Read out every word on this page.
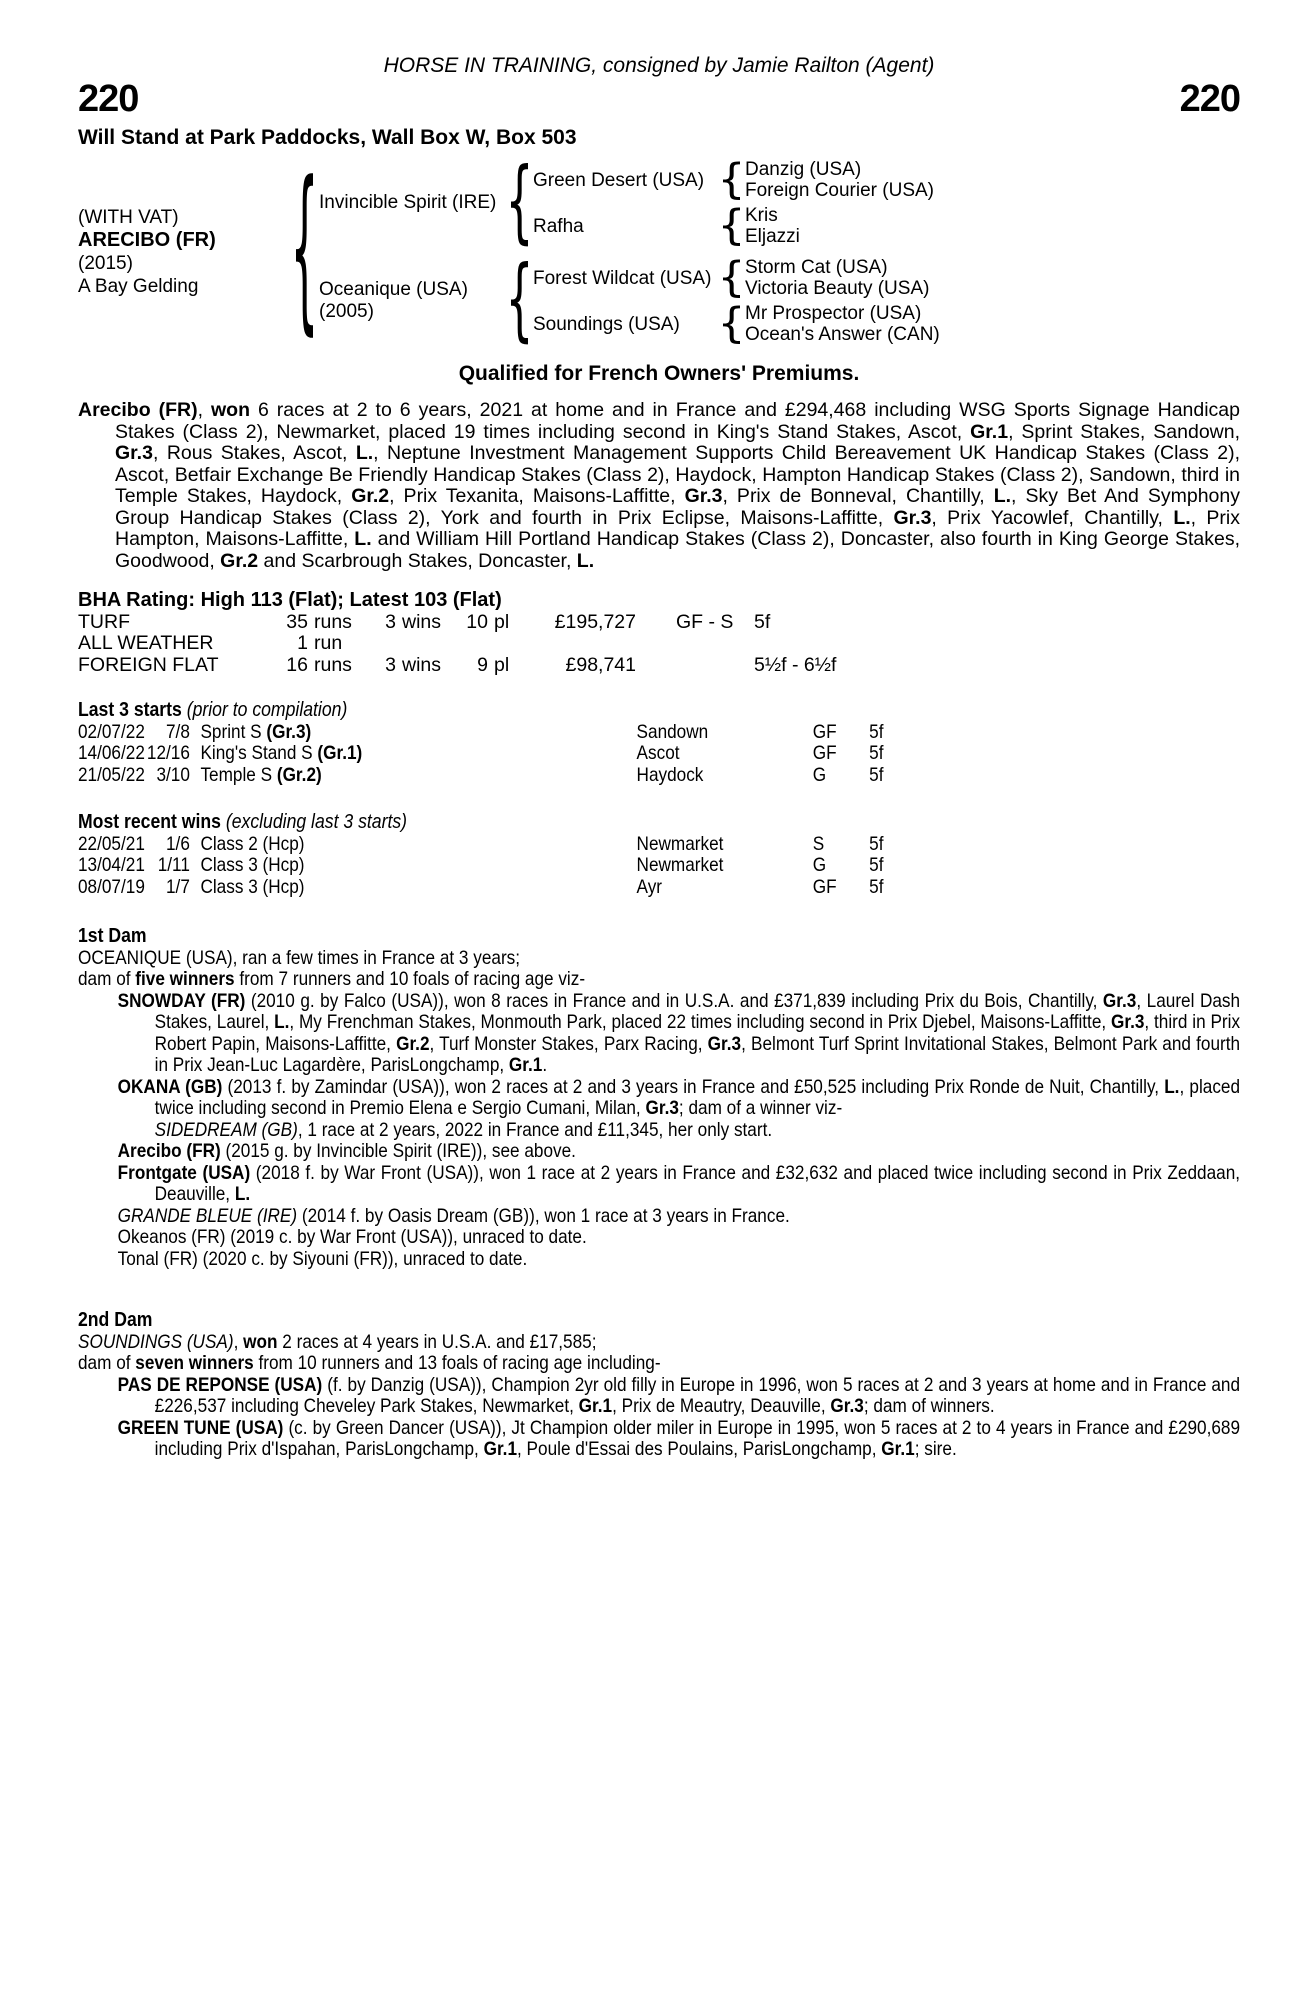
HORSE IN TRAINING, consigned by Jamie Railton (Agent)
220	220
Will Stand at Park Paddocks, Wall Box W, Box 503
(WITH VAT)
ARECIBO (FR)
(2015)
A Bay Gelding	{ Invincible Spirit (IRE) { Green Desert (USA) { Danzig (USA)
Foreign Courier (USA)
Rafha	{ Kris
Eljazzi
Oceanique (USA)
(2005)	{ Forest Wildcat (USA) { Storm Cat (USA)
Victoria Beauty (USA)
Soundings (USA) { Mr Prospector (USA)
Ocean's Answer (CAN)
Qualified for French Owners' Premiums.
Arecibo (FR), won 6 races at 2 to 6 years, 2021 at home and in France and £294,468 including WSG Sports Signage Handicap Stakes (Class 2), Newmarket, placed 19 times including second in King's Stand Stakes, Ascot, Gr.1, Sprint Stakes, Sandown, Gr.3, Rous Stakes, Ascot, L., Neptune Investment Management Supports Child Bereavement UK Handicap Stakes (Class 2), Ascot, Betfair Exchange Be Friendly Handicap Stakes (Class 2), Haydock, Hampton Handicap Stakes (Class 2), Sandown, third in Temple Stakes, Haydock, Gr.2, Prix Texanita, Maisons-Laffitte, Gr.3, Prix de Bonneval, Chantilly, L., Sky Bet And Symphony Group Handicap Stakes (Class 2), York and fourth in Prix Eclipse, Maisons-Laffitte, Gr.3, Prix Yacowlef, Chantilly, L., Prix Hampton, Maisons-Laffitte, L. and William Hill Portland Handicap Stakes (Class 2), Doncaster, also fourth in King George Stakes, Goodwood, Gr.2 and Scarbrough Stakes, Doncaster, L.
BHA Rating: High 113 (Flat); Latest 103 (Flat)
TURF	35 runs	3 wins	10 pl	£195,727	GF - S	5f
ALL WEATHER	1 run
FOREIGN FLAT	16 runs	3 wins	9 pl	£98,741	5½f - 6½f
Last 3 starts (prior to compilation)
02/07/22	7/8 Sprint S (Gr.3)	Sandown	GF	5f
14/06/22 12/16 King's Stand S (Gr.1)	Ascot	GF	5f
21/05/22 3/10 Temple S (Gr.2)	Haydock	G	5f
Most recent wins (excluding last 3 starts)
22/05/21	1/6 Class 2 (Hcp)	Newmarket	S	5f
13/04/21 1/11 Class 3 (Hcp)	Newmarket	G	5f
08/07/19	1/7 Class 3 (Hcp)	Ayr	GF	5f
1st Dam
OCEANIQUE (USA), ran a few times in France at 3 years;
dam of five winners from 7 runners and 10 foals of racing age viz-
SNOWDAY (FR) (2010 g. by Falco (USA)), won 8 races in France and in U.S.A. and £371,839 including Prix du Bois, Chantilly, Gr.3, Laurel Dash Stakes, Laurel, L., My Frenchman Stakes, Monmouth Park, placed 22 times including second in Prix Djebel, Maisons-Laffitte, Gr.3, third in Prix Robert Papin, Maisons-Laffitte, Gr.2, Turf Monster Stakes, Parx Racing, Gr.3, Belmont Turf Sprint Invitational Stakes, Belmont Park and fourth in Prix Jean-Luc Lagardère, ParisLongchamp, Gr.1.
OKANA (GB) (2013 f. by Zamindar (USA)), won 2 races at 2 and 3 years in France and £50,525 including Prix Ronde de Nuit, Chantilly, L., placed twice including second in Premio Elena e Sergio Cumani, Milan, Gr.3; dam of a winner viz-
SIDEDREAM (GB), 1 race at 2 years, 2022 in France and £11,345, her only start.
Arecibo (FR) (2015 g. by Invincible Spirit (IRE)), see above.
Frontgate (USA) (2018 f. by War Front (USA)), won 1 race at 2 years in France and £32,632 and placed twice including second in Prix Zeddaan, Deauville, L.
GRANDE BLEUE (IRE) (2014 f. by Oasis Dream (GB)), won 1 race at 3 years in France.
Okeanos (FR) (2019 c. by War Front (USA)), unraced to date.
Tonal (FR) (2020 c. by Siyouni (FR)), unraced to date.
2nd Dam
SOUNDINGS (USA), won 2 races at 4 years in U.S.A. and £17,585;
dam of seven winners from 10 runners and 13 foals of racing age including-
PAS DE REPONSE (USA) (f. by Danzig (USA)), Champion 2yr old filly in Europe in 1996, won 5 races at 2 and 3 years at home and in France and £226,537 including Cheveley Park Stakes, Newmarket, Gr.1, Prix de Meautry, Deauville, Gr.3; dam of winners.
GREEN TUNE (USA) (c. by Green Dancer (USA)), Jt Champion older miler in Europe in 1995, won 5 races at 2 to 4 years in France and £290,689 including Prix d'Ispahan, ParisLongchamp, Gr.1, Poule d'Essai des Poulains, ParisLongchamp, Gr.1; sire.
